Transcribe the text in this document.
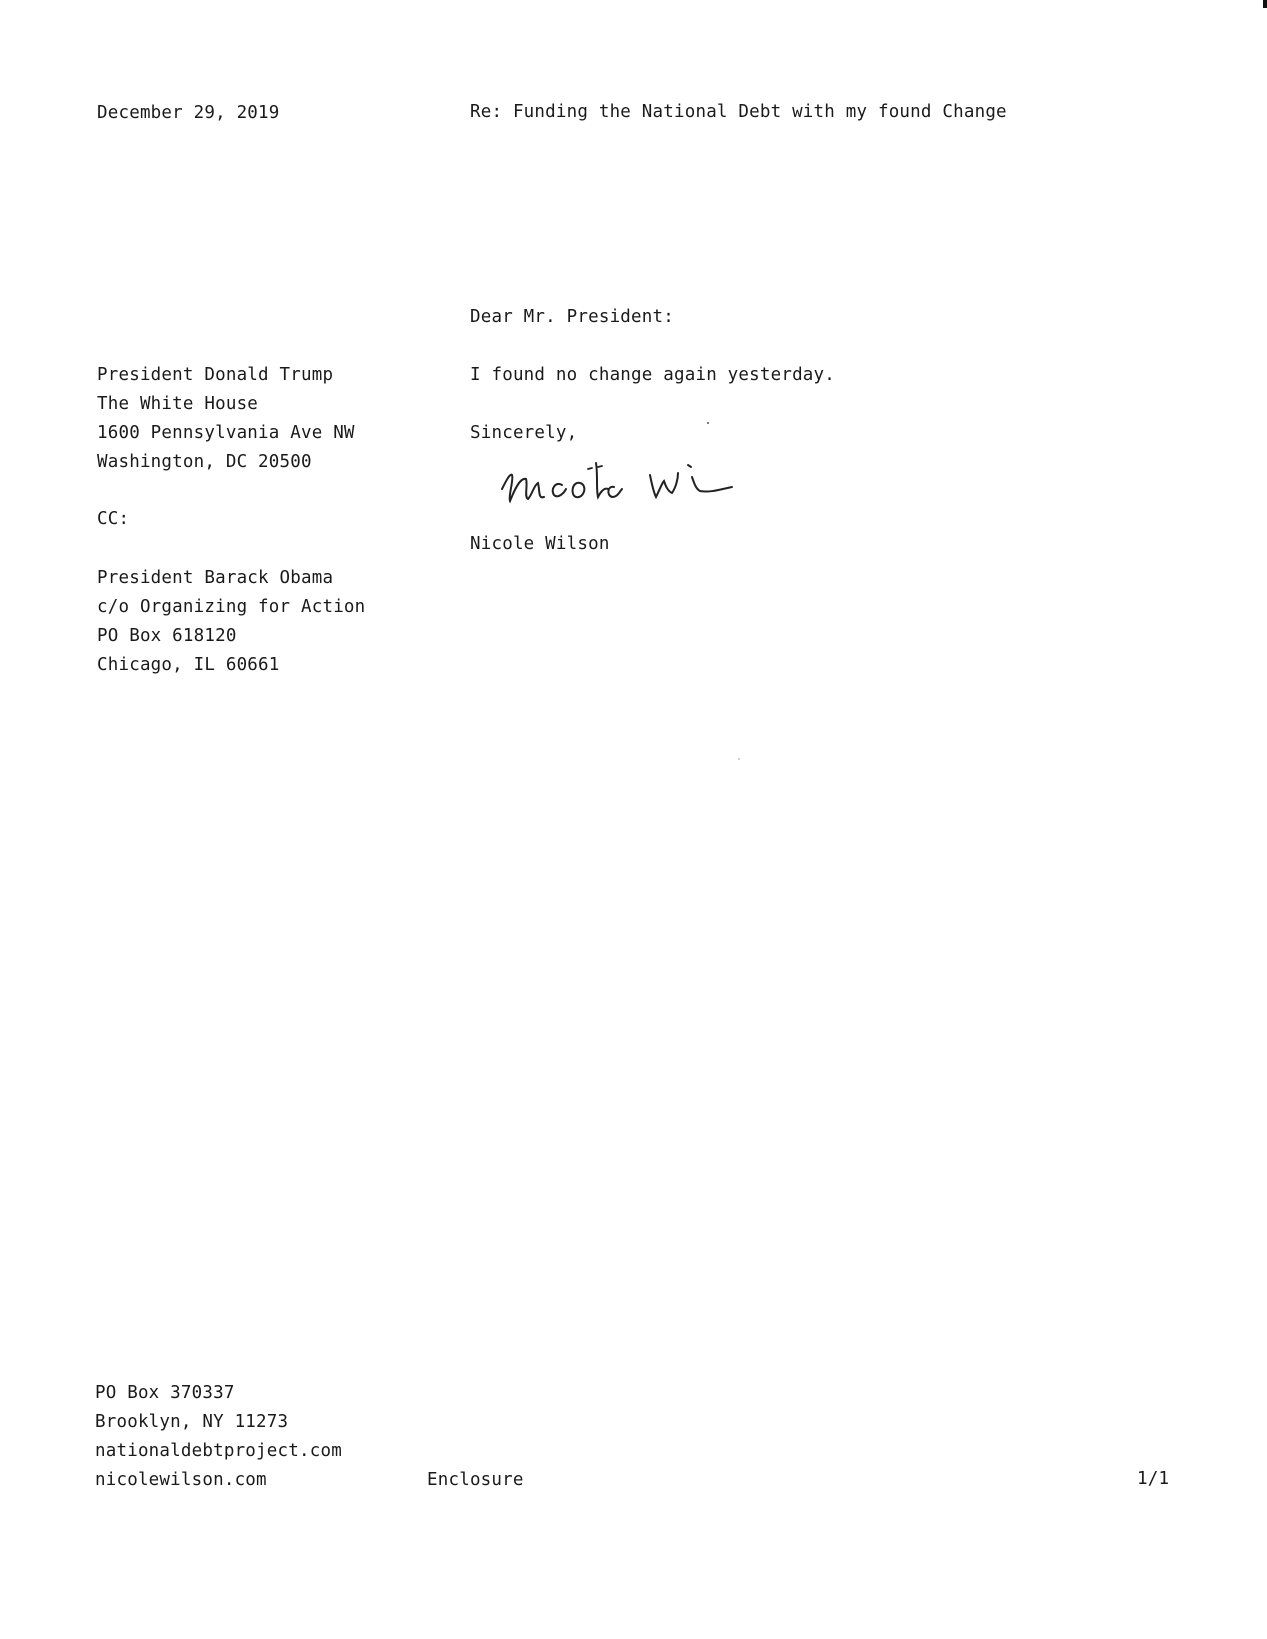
December 29, 2019	Re: Funding the National Debt with my found Change
Dear Mr. President:
President Donald Trump
The White House
1600 Pennsylvania Ave NW
Washington, DC 20500
I found no change again yesterday.
Sincerely,
Nicole Wilson
CC:
President Barack Obama
c/o Organizing for Action
PO Box 618120
Chicago, IL 60661
PO Box 370337
Brooklyn, NY 11273
nationaldebtproject.com
nicolewilson.com	Enclosure	1/1
